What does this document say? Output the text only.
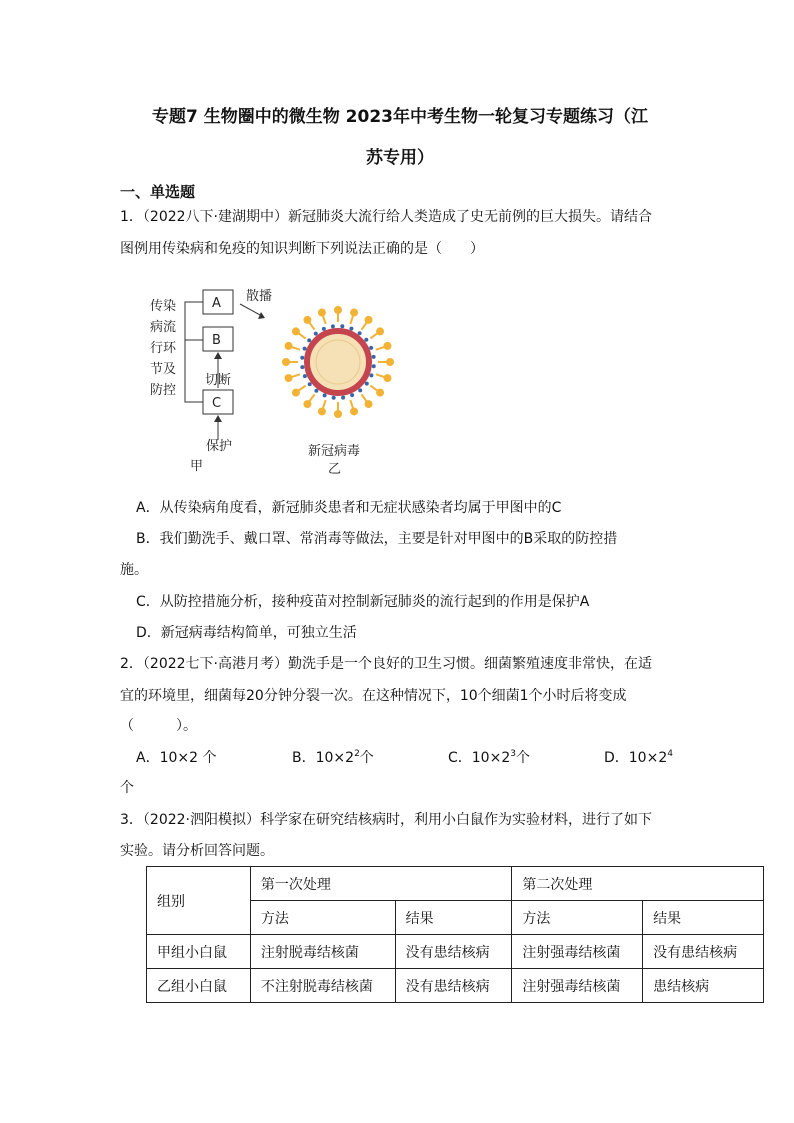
专题7 生物圈中的微生物 2023年中考生物一轮复习专题练习（江
苏专用）
一、单选题
1．（2022八下·建湖期中）新冠肺炎大流行给人类造成了史无前例的巨大损失。请结合
图例用传染病和免疫的知识判断下列说法正确的是（　　）
传染
病流
行环
节及
防控
A
B
C
散播
切断
保护
甲
新冠病毒
乙
A．从传染病角度看，新冠肺炎患者和无症状感染者均属于甲图中的C
B．我们勤洗手、戴口罩、常消毒等做法，主要是针对甲图中的B采取的防控措
施。
C．从防控措施分析，接种疫苗对控制新冠肺炎的流行起到的作用是保护A
D．新冠病毒结构简单，可独立生活
2．（2022七下·高港月考）勤洗手是一个良好的卫生习惯。细菌繁殖速度非常快，在适
宜的环境里，细菌每20分钟分裂一次。在这种情况下，10个细菌1个小时后将变成
（　　　）。
A．10×2 个	B．$10\times 2^2$个	C．$10\times 2^3$个	D．$10\times 2^4$
个
3．（2022·泗阳模拟）科学家在研究结核病时，利用小白鼠作为实验材料，进行了如下
实验。请分析回答问题。
组别	第一次处理		第二次处理	
	方法	结果	方法	结果
甲组小白鼠	注射脱毒结核菌	没有患结核病	注射强毒结核菌	没有患结核病
乙组小白鼠	不注射脱毒结核菌	没有患结核病	注射强毒结核菌	患结核病
